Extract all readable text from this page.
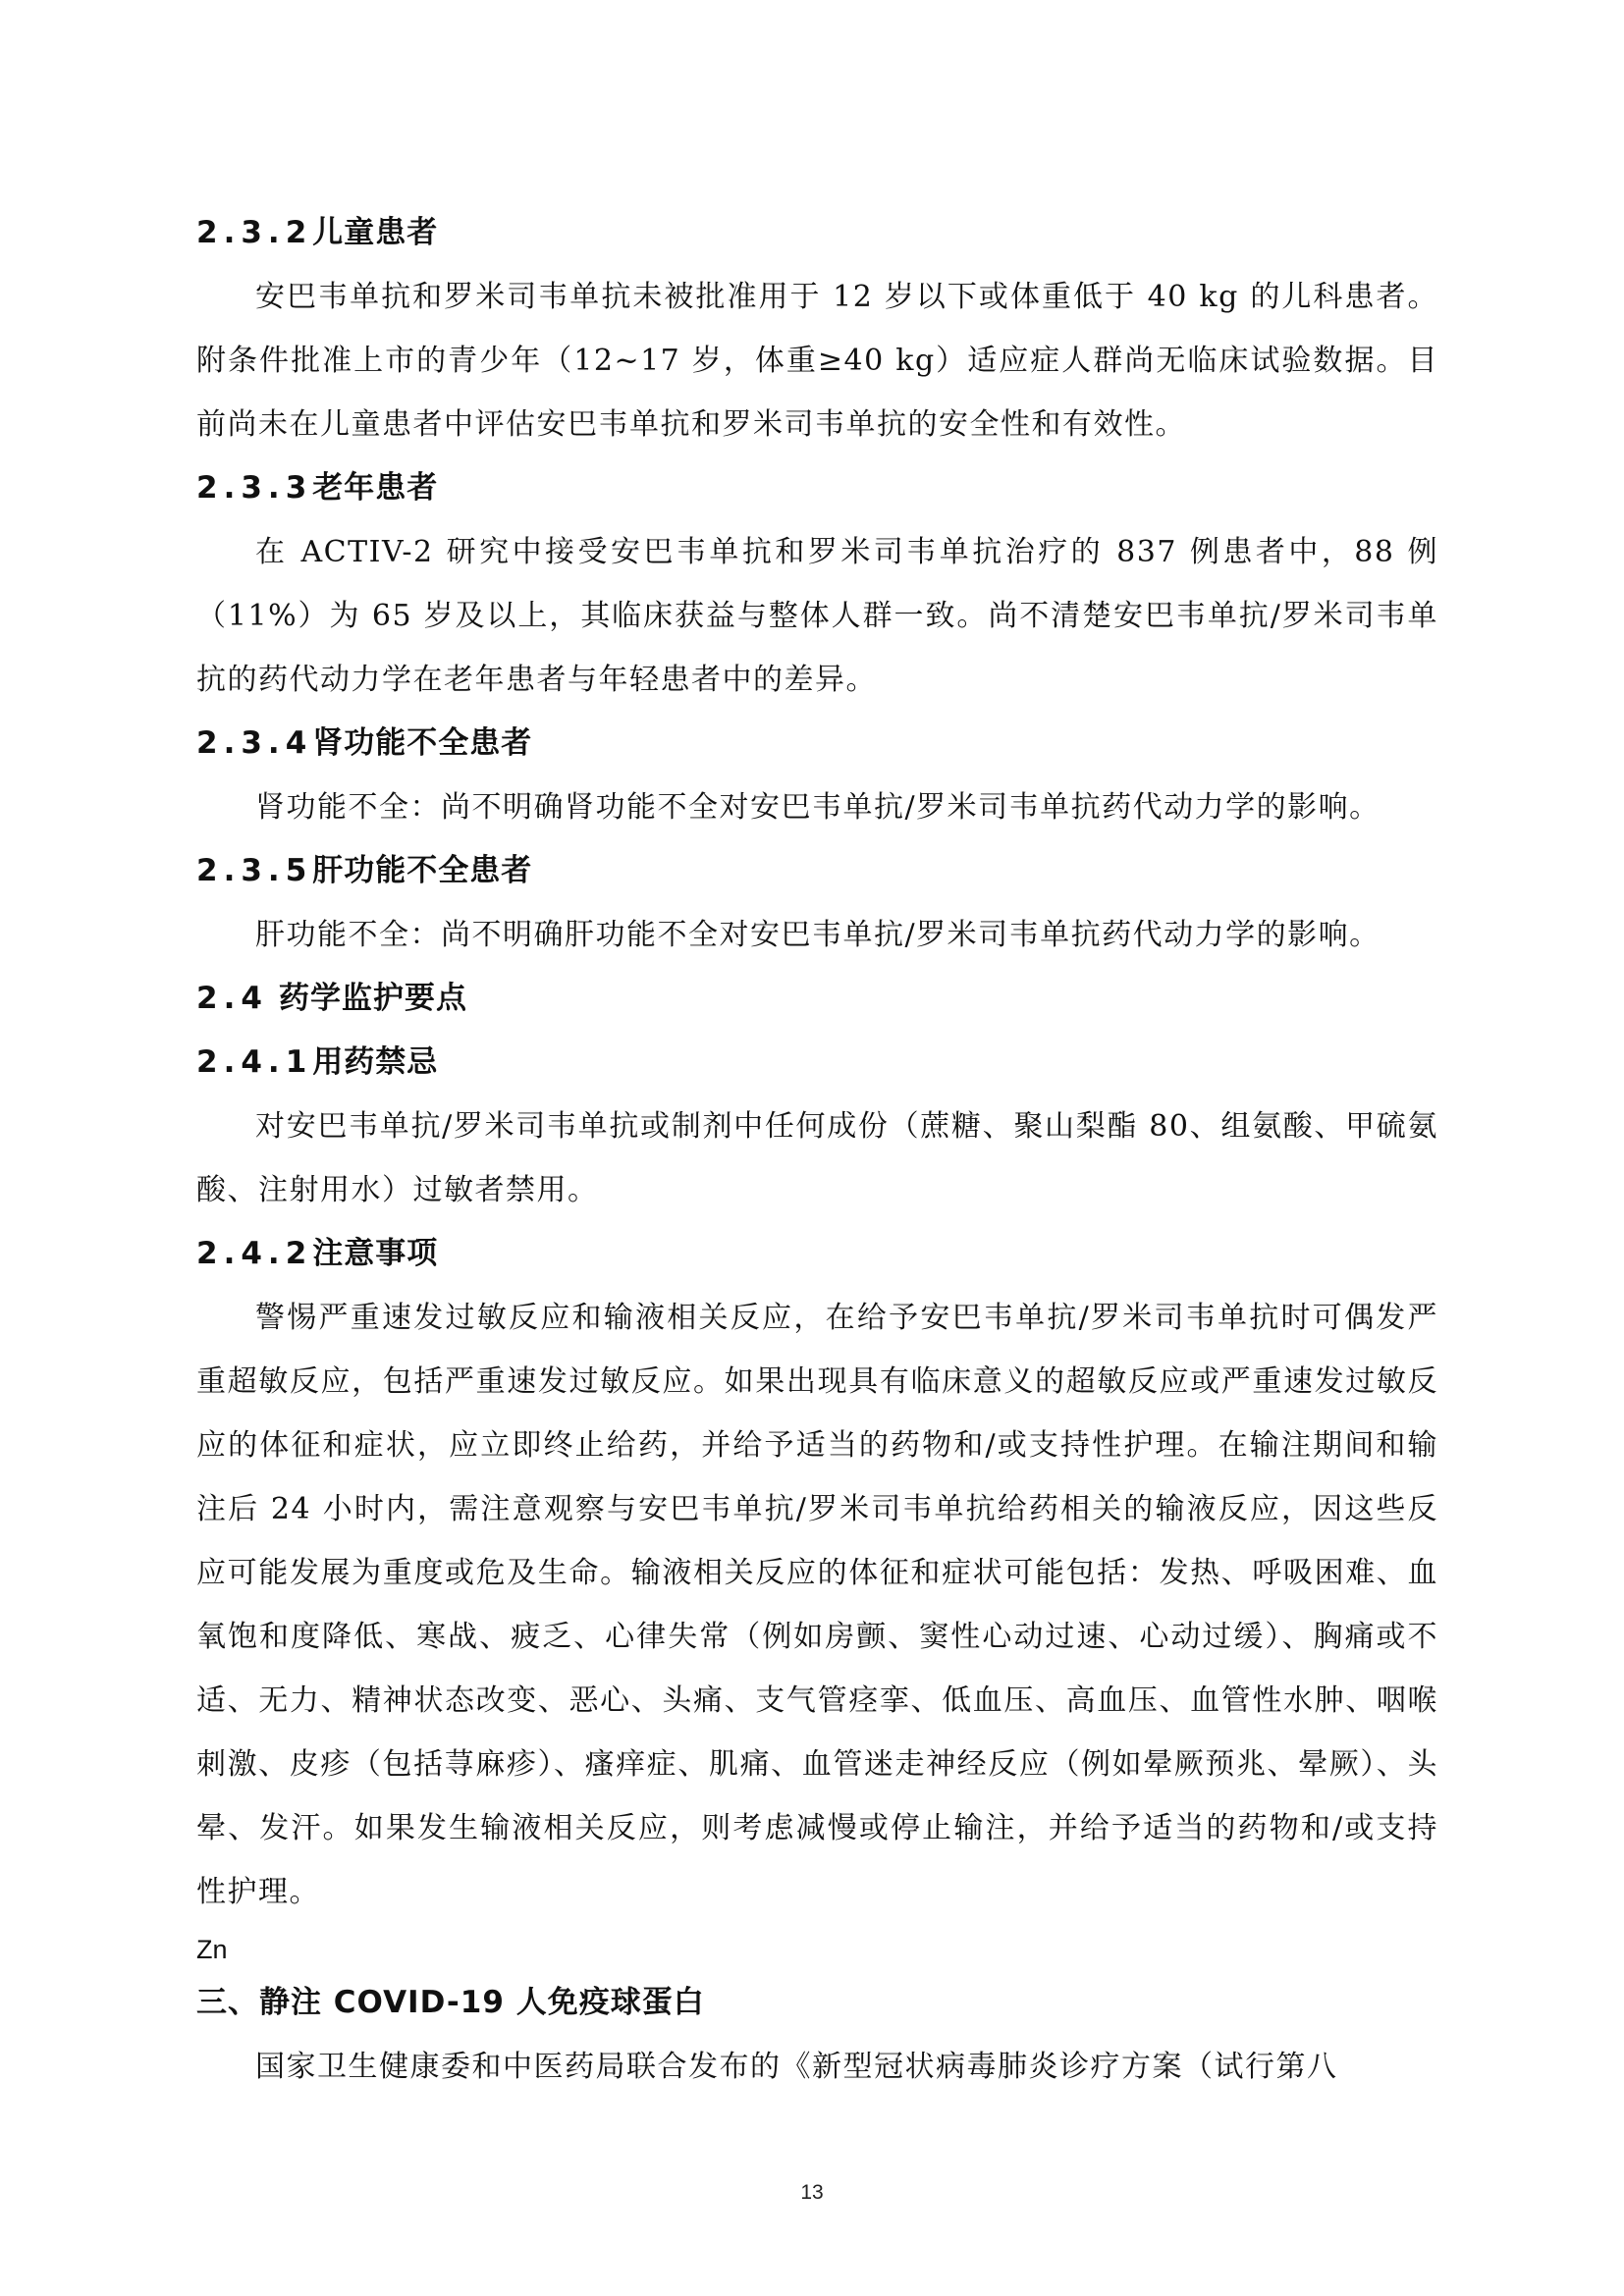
2.3.2儿童患者

安巴韦单抗和罗米司韦单抗未被批准用于 12 岁以下或体重低于 40 kg 的儿科患者。附条件批准上市的青少年（12~17 岁，体重≥40 kg）适应症人群尚无临床试验数据。目前尚未在儿童患者中评估安巴韦单抗和罗米司韦单抗的安全性和有效性。

2.3.3老年患者

在 ACTIV-2 研究中接受安巴韦单抗和罗米司韦单抗治疗的 837 例患者中，88 例（11%）为 65 岁及以上，其临床获益与整体人群一致。尚不清楚安巴韦单抗/罗米司韦单抗的药代动力学在老年患者与年轻患者中的差异。

2.3.4肾功能不全患者

肾功能不全：尚不明确肾功能不全对安巴韦单抗/罗米司韦单抗药代动力学的影响。

2.3.5肝功能不全患者

肝功能不全：尚不明确肝功能不全对安巴韦单抗/罗米司韦单抗药代动力学的影响。

2.4 药学监护要点
2.4.1用药禁忌

对安巴韦单抗/罗米司韦单抗或制剂中任何成份（蔗糖、聚山梨酯 80、组氨酸、甲硫氨酸、注射用水）过敏者禁用。

2.4.2注意事项

警惕严重速发过敏反应和输液相关反应，在给予安巴韦单抗/罗米司韦单抗时可偶发严重超敏反应，包括严重速发过敏反应。如果出现具有临床意义的超敏反应或严重速发过敏反应的体征和症状，应立即终止给药，并给予适当的药物和/或支持性护理。在输注期间和输注后 24 小时内，需注意观察与安巴韦单抗/罗米司韦单抗给药相关的输液反应，因这些反应可能发展为重度或危及生命。输液相关反应的体征和症状可能包括：发热、呼吸困难、血氧饱和度降低、寒战、疲乏、心律失常（例如房颤、窦性心动过速、心动过缓）、胸痛或不适、无力、精神状态改变、恶心、头痛、支气管痉挛、低血压、高血压、血管性水肿、咽喉刺激、皮疹（包括荨麻疹）、瘙痒症、肌痛、血管迷走神经反应（例如晕厥预兆、晕厥）、头晕、发汗。如果发生输液相关反应，则考虑减慢或停止输注，并给予适当的药物和/或支持性护理。

Zn
三、静注 COVID-19 人免疫球蛋白

国家卫生健康委和中医药局联合发布的《新型冠状病毒肺炎诊疗方案（试行第八

13
